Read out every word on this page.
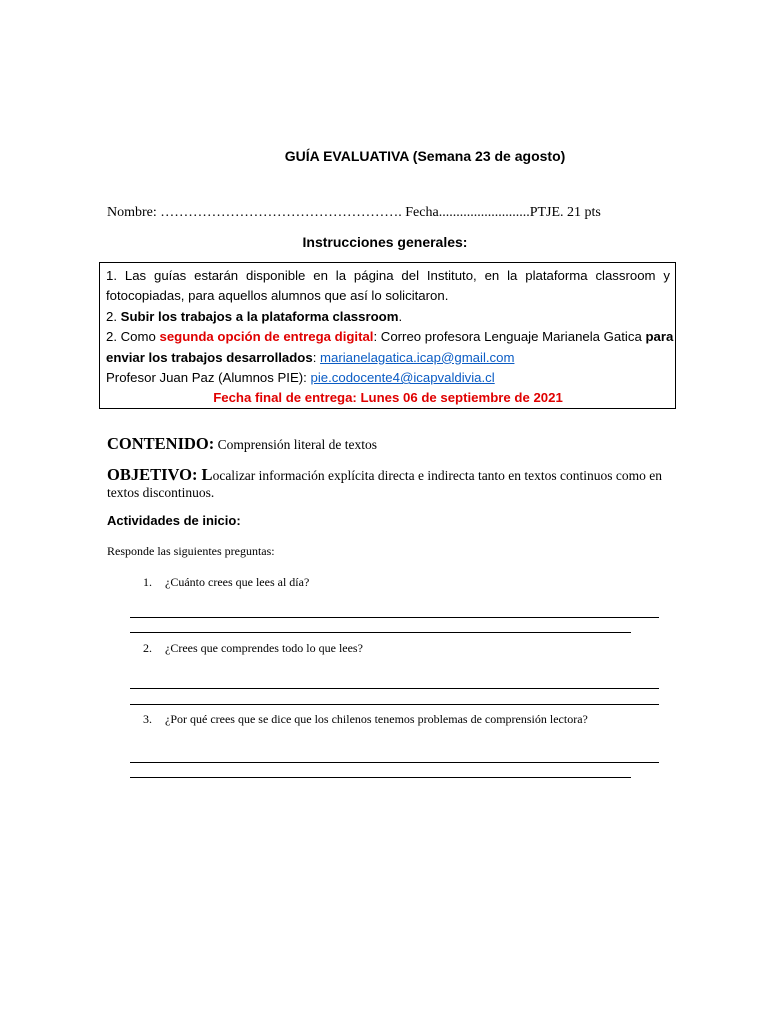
GUÍA EVALUATIVA (Semana 23 de agosto)
Nombre: ……………………………………………. Fecha..........................PTJE. 21 pts
Instrucciones generales:
1. Las guías estarán disponible en la página del Instituto, en la plataforma classroom y
fotocopiadas, para aquellos alumnos que así lo solicitaron.
2. Subir los trabajos a la plataforma classroom.
2. Como segunda opción de entrega digital: Correo profesora Lenguaje Marianela Gatica para
enviar los trabajos desarrollados: marianelagatica.icap@gmail.com
Profesor Juan Paz (Alumnos PIE): pie.codocente4@icapvaldivia.cl
Fecha final de entrega: Lunes 06 de septiembre de 2021
CONTENIDO: Comprensión literal de textos
OBJETIVO: Localizar información explícita directa e indirecta tanto en textos continuos como en textos discontinuos.
Actividades de inicio:
Responde las siguientes preguntas:
1. ¿Cuánto crees que lees al día?
2. ¿Crees que comprendes todo lo que lees?
3. ¿Por qué crees que se dice que los chilenos tenemos problemas de comprensión lectora?
